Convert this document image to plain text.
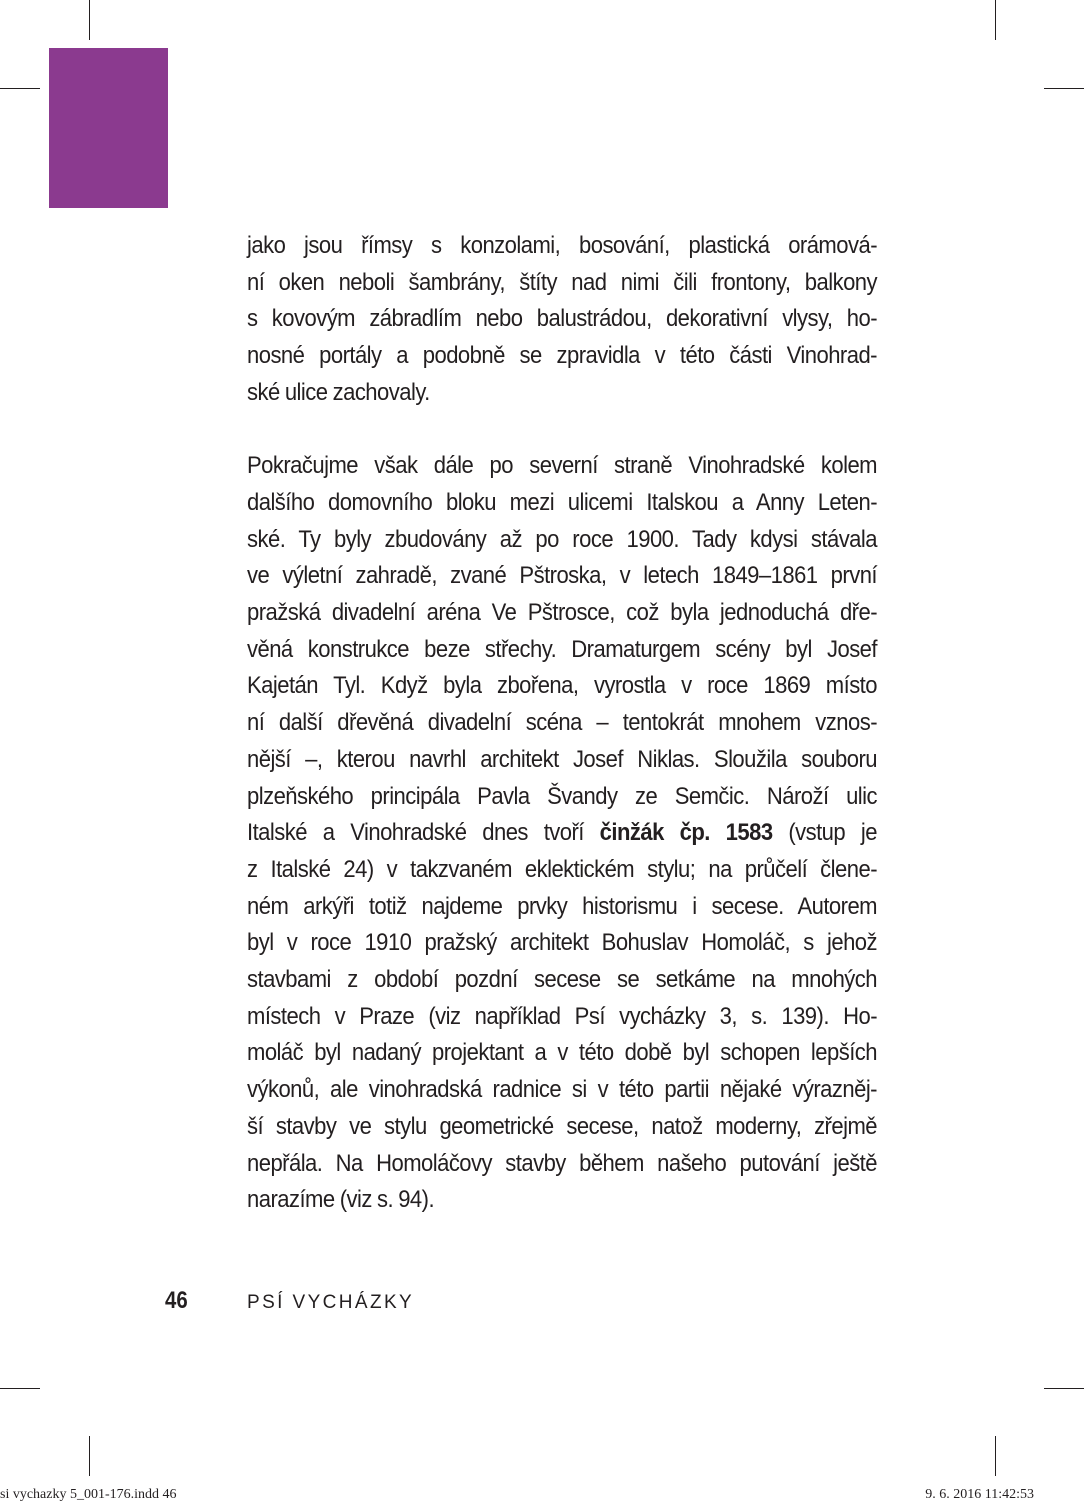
jako jsou římsy s konzolami, bosování, plastická orámová-
ní oken neboli šambrány, štíty nad nimi čili frontony, balkony
s kovovým zábradlím nebo balustrádou, dekorativní vlysy, ho-
nosné portály a podobně se zpravidla v této části Vinohrad-
ské ulice zachovaly.

Pokračujme však dále po severní straně Vinohradské kolem
dalšího domovního bloku mezi ulicemi Italskou a Anny Leten-
ské. Ty byly zbudovány až po roce 1900. Tady kdysi stávala
ve výletní zahradě, zvané Pštroska, v letech 1849–1861 první
pražská divadelní aréna Ve Pštrosce, což byla jednoduchá dře-
věná konstrukce beze střechy. Dramaturgem scény byl Josef
Kajetán Tyl. Když byla zbořena, vyrostla v roce 1869 místo
ní další dřevěná divadelní scéna – tentokrát mnohem vznos-
nější –, kterou navrhl architekt Josef Niklas. Sloužila souboru
plzeňského principála Pavla Švandy ze Semčic. Nároží ulic
Italské a Vinohradské dnes tvoří činžák čp. 1583 (vstup je
z Italské 24) v takzvaném eklektickém stylu; na průčelí člene-
ném arkýři totiž najdeme prvky historismu i secese. Autorem
byl v roce 1910 pražský architekt Bohuslav Homoláč, s jehož
stavbami z období pozdní secese se setkáme na mnohých
místech v Praze (viz například Psí vycházky 3, s. 139). Ho-
moláč byl nadaný projektant a v této době byl schopen lepších
výkonů, ale vinohradská radnice si v této partii nějaké výrazněj-
ší stavby ve stylu geometrické secese, natož moderny, zřejmě
nepřála. Na Homoláčovy stavby během našeho putování ještě
narazíme (viz s. 94).

46	PSÍ VYCHÁZKY
si vychazky 5_001-176.indd 46	9. 6. 2016 11:42:53
